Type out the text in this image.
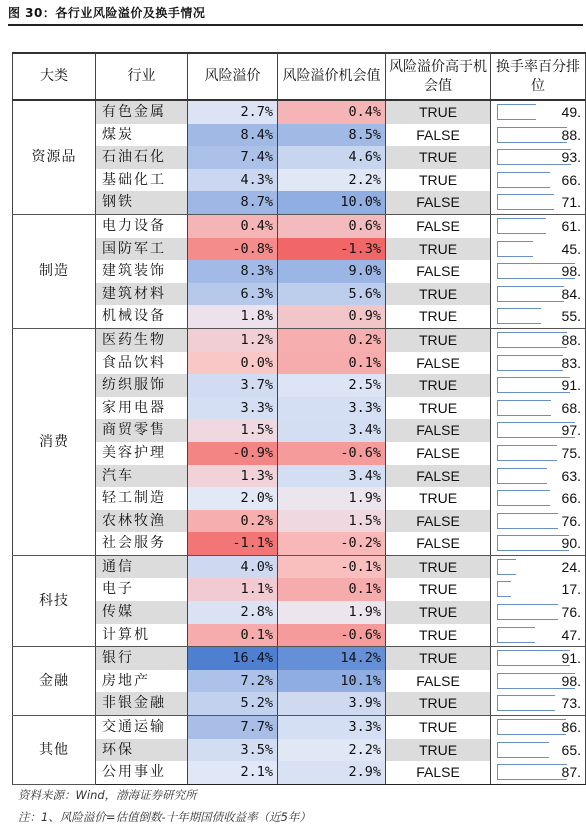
图 30：各行业风险溢价及换手情况
大类	行业	风险溢价	风险溢价机会值	风险溢价高于机会值	换手率百分排位
资源品	有色金属	2.7%	0.4%	TRUE	49.

	煤炭	8.4%	8.5%	FALSE	88.

	石油石化	7.4%	4.6%	TRUE	93.

	基础化工	4.3%	2.2%	TRUE	66.

	钢铁	8.7%	10.0%	FALSE	71.

制造	电力设备	0.4%	0.6%	FALSE	61.

	国防军工	-0.8%	-1.3%	TRUE	45.

	建筑装饰	8.3%	9.0%	FALSE	98.

	建筑材料	6.3%	5.6%	TRUE	84.

	机械设备	1.8%	0.9%	TRUE	55.

消费	医药生物	1.2%	0.2%	TRUE	88.

	食品饮料	0.0%	0.1%	FALSE	83.

	纺织服饰	3.7%	2.5%	TRUE	91.

	家用电器	3.3%	3.3%	TRUE	68.

	商贸零售	1.5%	3.4%	FALSE	97.

	美容护理	-0.9%	-0.6%	FALSE	75.

	汽车	1.3%	3.4%	FALSE	63.

	轻工制造	2.0%	1.9%	TRUE	66.

	农林牧渔	0.2%	1.5%	FALSE	76.

	社会服务	-1.1%	-0.2%	FALSE	90.

科技	通信	4.0%	-0.1%	TRUE	24.

	电子	1.1%	0.1%	TRUE	17.

	传媒	2.8%	1.9%	TRUE	76.

	计算机	0.1%	-0.6%	TRUE	47.

金融	银行	16.4%	14.2%	TRUE	91.

	房地产	7.2%	10.1%	FALSE	98.

	非银金融	5.2%	3.9%	TRUE	73.

其他	交通运输	7.7%	3.3%	TRUE	86.

	环保	3.5%	2.2%	TRUE	65.

	公用事业	2.1%	2.9%	FALSE	87.
资料来源：Wind，渤海证券研究所
注：1、风险溢价=估值倒数-十年期国债收益率（近5年）
